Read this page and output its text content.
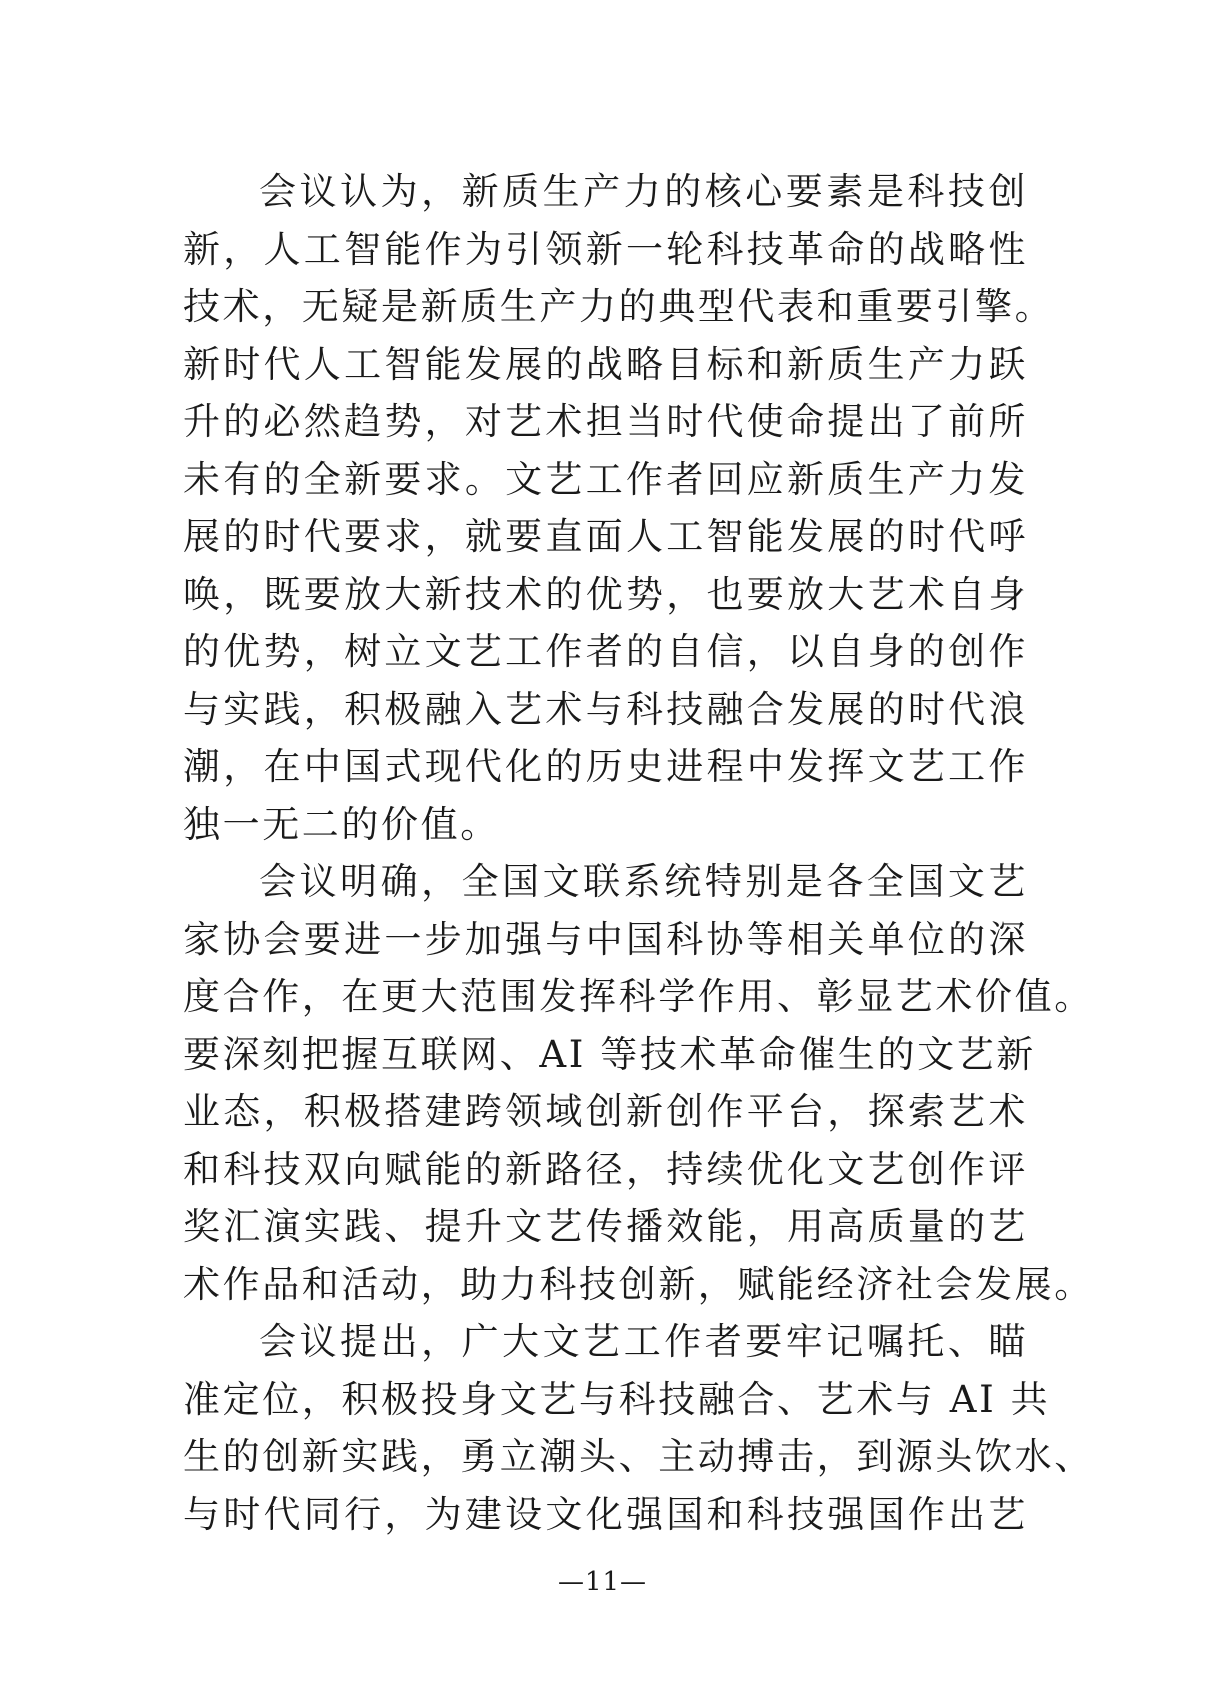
会议认为，新质生产力的核心要素是科技创
新，人工智能作为引领新一轮科技革命的战略性
技术，无疑是新质生产力的典型代表和重要引擎。
新时代人工智能发展的战略目标和新质生产力跃
升的必然趋势，对艺术担当时代使命提出了前所
未有的全新要求。文艺工作者回应新质生产力发
展的时代要求，就要直面人工智能发展的时代呼
唤，既要放大新技术的优势，也要放大艺术自身
的优势，树立文艺工作者的自信，以自身的创作
与实践，积极融入艺术与科技融合发展的时代浪
潮，在中国式现代化的历史进程中发挥文艺工作
独一无二的价值。
会议明确，全国文联系统特别是各全国文艺
家协会要进一步加强与中国科协等相关单位的深
度合作，在更大范围发挥科学作用、彰显艺术价值。
要深刻把握互联网、AI 等技术革命催生的文艺新
业态，积极搭建跨领域创新创作平台，探索艺术
和科技双向赋能的新路径，持续优化文艺创作评
奖汇演实践、提升文艺传播效能，用高质量的艺
术作品和活动，助力科技创新，赋能经济社会发展。
会议提出，广大文艺工作者要牢记嘱托、瞄
准定位，积极投身文艺与科技融合、艺术与 AI 共
生的创新实践，勇立潮头、主动搏击，到源头饮水、
与时代同行，为建设文化强国和科技强国作出艺
—11—
